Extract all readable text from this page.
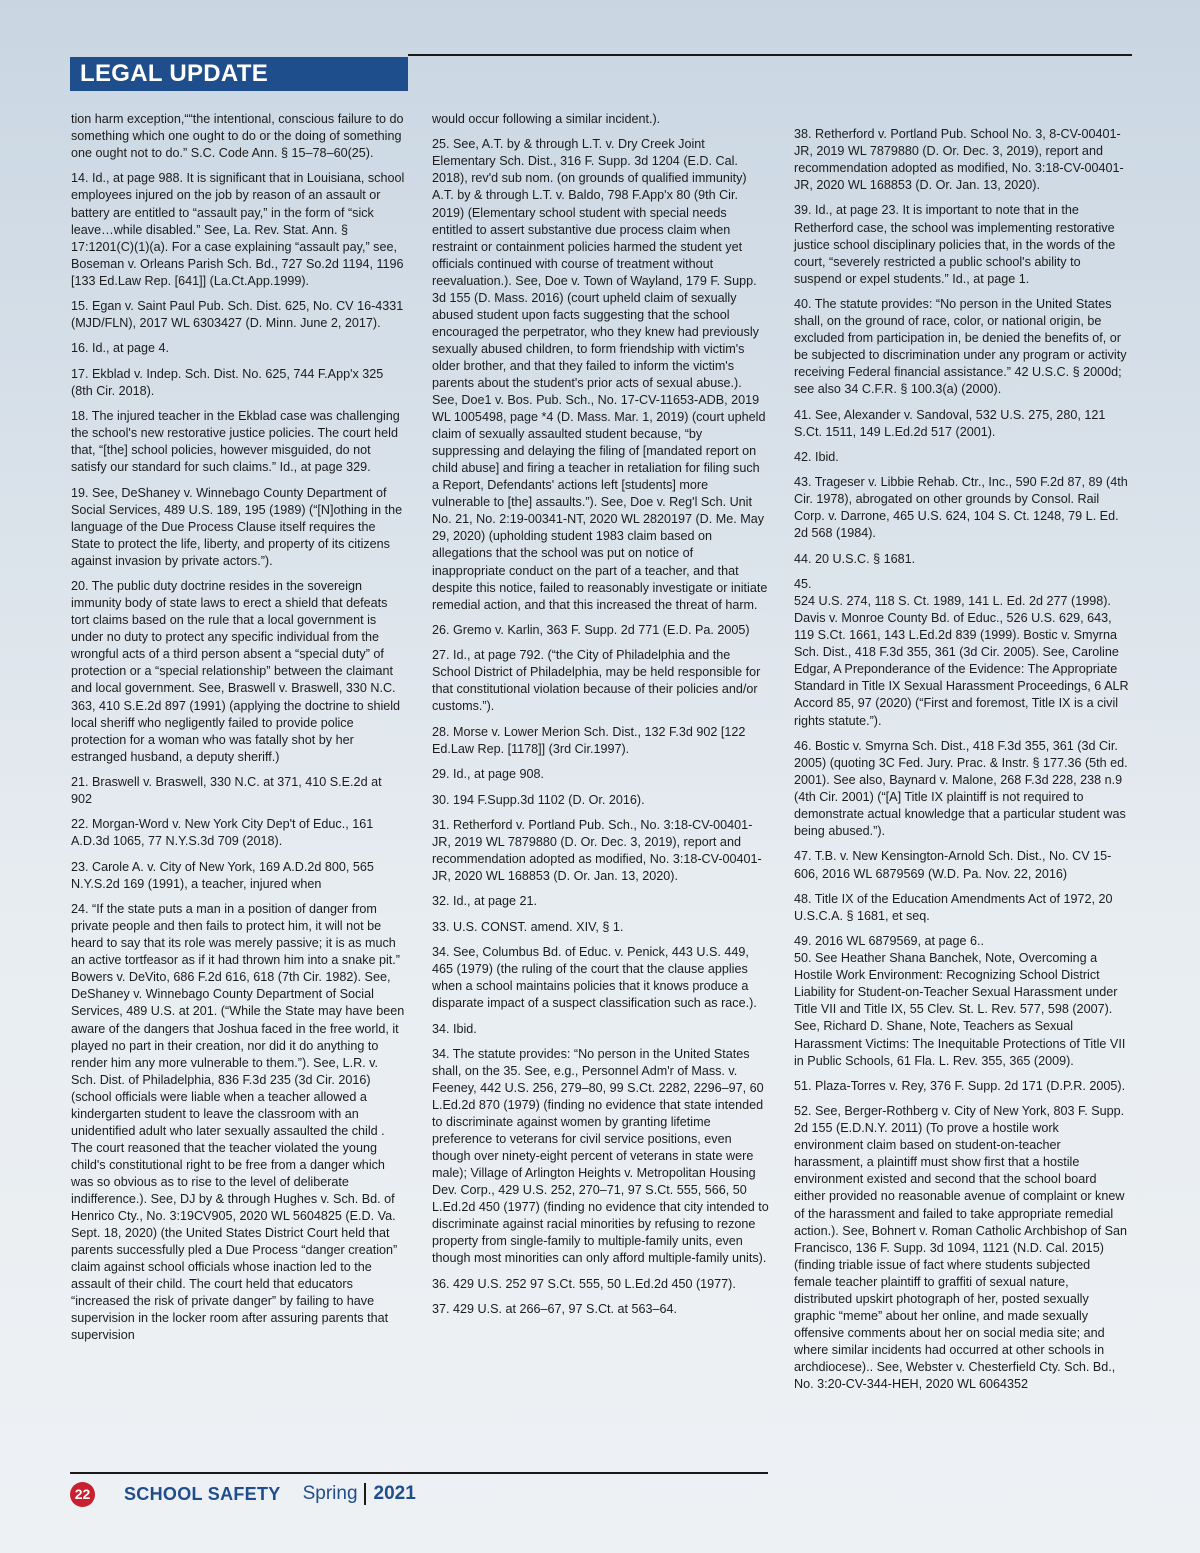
LEGAL UPDATE

tion harm exception,““the intentional, conscious failure to do something which one ought to do or the doing of something one ought not to do.” S.C. Code Ann. § 15–78–60(25).

14. Id., at page 988. It is significant that in Louisiana, school employees injured on the job by reason of an assault or battery are entitled to “assault pay,” in the form of “sick leave…while disabled.” See, La. Rev. Stat. Ann. § 17:1201(C)(1)(a). For a case explaining “assault pay,” see, Boseman v. Orleans Parish Sch. Bd., 727 So.2d 1194, 1196 [133 Ed.Law Rep. [641]] (La.Ct.App.1999).

15. Egan v. Saint Paul Pub. Sch. Dist. 625, No. CV 16-4331 (MJD/FLN), 2017 WL 6303427 (D. Minn. June 2, 2017).

16. Id., at page 4.

17. Ekblad v. Indep. Sch. Dist. No. 625, 744 F.App'x 325 (8th Cir. 2018).

18. The injured teacher in the Ekblad case was challenging the school's new restorative justice policies. The court held that, “[the] school policies, however misguided, do not satisfy our standard for such claims.” Id., at page 329.

19. See, DeShaney v. Winnebago County Department of Social Services, 489 U.S. 189, 195 (1989) (“[N]othing in the language of the Due Process Clause itself requires the State to protect the life, liberty, and property of its citizens against invasion by private actors.”).

20. The public duty doctrine resides in the sovereign immunity body of state laws to erect a shield that defeats tort claims based on the rule that a local government is under no duty to protect any specific individual from the wrongful acts of a third person absent a “special duty” of protection or a “special relationship” between the claimant and local government. See, Braswell v. Braswell, 330 N.C. 363, 410 S.E.2d 897 (1991) (applying the doctrine to shield local sheriff who negligently failed to provide police protection for a woman who was fatally shot by her estranged husband, a deputy sheriff.)

21. Braswell v. Braswell, 330 N.C. at 371, 410 S.E.2d at 902

22. Morgan-Word v. New York City Dep't of Educ., 161 A.D.3d 1065, 77 N.Y.S.3d 709 (2018).

23. Carole A. v. City of New York, 169 A.D.2d 800, 565 N.Y.S.2d 169 (1991), a teacher, injured when

24. “If the state puts a man in a position of danger from private people and then fails to protect him, it will not be heard to say that its role was merely passive; it is as much an active tortfeasor as if it had thrown him into a snake pit.” Bowers v. DeVito, 686 F.2d 616, 618 (7th Cir. 1982). See, DeShaney v. Winnebago County Department of Social Services, 489 U.S. at 201. (“While the State may have been aware of the dangers that Joshua faced in the free world, it played no part in their creation, nor did it do anything to render him any more vulnerable to them.”). See, L.R. v. Sch. Dist. of Philadelphia, 836 F.3d 235 (3d Cir. 2016) (school officials were liable when a teacher allowed a kindergarten student to leave the classroom with an unidentified adult who later sexually assaulted the child . The court reasoned that the teacher violated the young child's constitutional right to be free from a danger which was so obvious as to rise to the level of deliberate indifference.). See, DJ by & through Hughes v. Sch. Bd. of Henrico Cty., No. 3:19CV905, 2020 WL 5604825 (E.D. Va. Sept. 18, 2020) (the United States District Court held that parents successfully pled a Due Process “danger creation” claim against school officials whose inaction led to the assault of their child. The court held that educators “increased the risk of private danger” by failing to have supervision in the locker room after assuring parents that supervision

would occur following a similar incident.).

25. See, A.T. by & through L.T. v. Dry Creek Joint Elementary Sch. Dist., 316 F. Supp. 3d 1204 (E.D. Cal. 2018), rev'd sub nom. (on grounds of qualified immunity) A.T. by & through L.T. v. Baldo, 798 F.App'x 80 (9th Cir. 2019) (Elementary school student with special needs entitled to assert substantive due process claim when restraint or containment policies harmed the student yet officials continued with course of treatment without reevaluation.). See, Doe v. Town of Wayland, 179 F. Supp. 3d 155 (D. Mass. 2016) (court upheld claim of sexually abused student upon facts suggesting that the school encouraged the perpetrator, who they knew had previously sexually abused children, to form friendship with victim's older brother, and that they failed to inform the victim's parents about the student's prior acts of sexual abuse.). See, Doe1 v. Bos. Pub. Sch., No. 17-CV-11653-ADB, 2019 WL 1005498, page *4 (D. Mass. Mar. 1, 2019) (court upheld claim of sexually assaulted student because, “by suppressing and delaying the filing of [mandated report on child abuse] and firing a teacher in retaliation for filing such a Report, Defendants' actions left [students] more vulnerable to [the] assaults.”). See, Doe v. Reg'l Sch. Unit No. 21, No. 2:19-00341-NT, 2020 WL 2820197 (D. Me. May 29, 2020) (upholding student 1983 claim based on allegations that the school was put on notice of inappropriate conduct on the part of a teacher, and that despite this notice, failed to reasonably investigate or initiate remedial action, and that this increased the threat of harm.

26. Gremo v. Karlin, 363 F. Supp. 2d 771 (E.D. Pa. 2005)

27. Id., at page 792. (“the City of Philadelphia and the School District of Philadelphia, may be held responsible for that constitutional violation because of their policies and/or customs.”).

28. Morse v. Lower Merion Sch. Dist., 132 F.3d 902 [122 Ed.Law Rep. [1178]] (3rd Cir.1997).

29. Id., at page 908.

30. 194 F.Supp.3d 1102 (D. Or. 2016).

31. Retherford v. Portland Pub. Sch., No. 3:18-CV-00401-JR, 2019 WL 7879880 (D. Or. Dec. 3, 2019), report and recommendation adopted as modified, No. 3:18-CV-00401-JR, 2020 WL 168853 (D. Or. Jan. 13, 2020).

32. Id., at page 21.

33. U.S. CONST. amend. XIV, § 1.

34. See, Columbus Bd. of Educ. v. Penick, 443 U.S. 449, 465 (1979) (the ruling of the court that the clause applies when a school maintains policies that it knows produce a disparate impact of a suspect classification such as race.).

34. Ibid.

34. The statute provides: “No person in the United States shall, on the 35. See, e.g., Personnel Adm'r of Mass. v. Feeney, 442 U.S. 256, 279–80, 99 S.Ct. 2282, 2296–97, 60 L.Ed.2d 870 (1979) (finding no evidence that state intended to discriminate against women by granting lifetime preference to veterans for civil service positions, even though over ninety-eight percent of veterans in state were male); Village of Arlington Heights v. Metropolitan Housing Dev. Corp., 429 U.S. 252, 270–71, 97 S.Ct. 555, 566, 50 L.Ed.2d 450 (1977) (finding no evidence that city intended to discriminate against racial minorities by refusing to rezone property from single-family to multiple-family units, even though most minorities can only afford multiple-family units).

36. 429 U.S. 252 97 S.Ct. 555, 50 L.Ed.2d 450 (1977).

37. 429 U.S. at 266–67, 97 S.Ct. at 563–64.

38. Retherford v. Portland Pub. School No. 3, 8-CV-00401-JR, 2019 WL 7879880 (D. Or. Dec. 3, 2019), report and recommendation adopted as modified, No. 3:18-CV-00401-JR, 2020 WL 168853 (D. Or. Jan. 13, 2020).

39. Id., at page 23. It is important to note that in the Retherford case, the school was implementing restorative justice school disciplinary policies that, in the words of the court, “severely restricted a public school's ability to suspend or expel students.” Id., at page 1.

40. The statute provides: “No person in the United States shall, on the ground of race, color, or national origin, be excluded from participation in, be denied the benefits of, or be subjected to discrimination under any program or activity receiving Federal financial assistance.” 42 U.S.C. § 2000d; see also 34 C.F.R. § 100.3(a) (2000).

41. See, Alexander v. Sandoval, 532 U.S. 275, 280, 121 S.Ct. 1511, 149 L.Ed.2d 517 (2001).

42. Ibid.

43. Trageser v. Libbie Rehab. Ctr., Inc., 590 F.2d 87, 89 (4th Cir. 1978), abrogated on other grounds by Consol. Rail Corp. v. Darrone, 465 U.S. 624, 104 S. Ct. 1248, 79 L. Ed. 2d 568 (1984).

44. 20 U.S.C. § 1681.

45.
524 U.S. 274, 118 S. Ct. 1989, 141 L. Ed. 2d 277 (1998). Davis v. Monroe County Bd. of Educ., 526 U.S. 629, 643, 119 S.Ct. 1661, 143 L.Ed.2d 839 (1999). Bostic v. Smyrna Sch. Dist., 418 F.3d 355, 361 (3d Cir. 2005). See, Caroline Edgar, A Preponderance of the Evidence: The Appropriate Standard in Title IX Sexual Harassment Proceedings, 6 ALR Accord 85, 97 (2020) (“First and foremost, Title IX is a civil rights statute.”).

46. Bostic v. Smyrna Sch. Dist., 418 F.3d 355, 361 (3d Cir. 2005) (quoting 3C Fed. Jury. Prac. & Instr. § 177.36 (5th ed. 2001). See also, Baynard v. Malone, 268 F.3d 228, 238 n.9 (4th Cir. 2001) (“[A] Title IX plaintiff is not required to demonstrate actual knowledge that a particular student was being abused.”).

47. T.B. v. New Kensington-Arnold Sch. Dist., No. CV 15-606, 2016 WL 6879569 (W.D. Pa. Nov. 22, 2016)

48. Title IX of the Education Amendments Act of 1972, 20 U.S.C.A. § 1681, et seq.

49. 2016 WL 6879569, at page 6..
50. See Heather Shana Banchek, Note, Overcoming a Hostile Work Environment: Recognizing School District Liability for Student-on-Teacher Sexual Harassment under Title VII and Title IX, 55 Clev. St. L. Rev. 577, 598 (2007). See, Richard D. Shane, Note, Teachers as Sexual Harassment Victims: The Inequitable Protections of Title VII in Public Schools, 61 Fla. L. Rev. 355, 365 (2009).

51. Plaza-Torres v. Rey, 376 F. Supp. 2d 171 (D.P.R. 2005).

52. See, Berger-Rothberg v. City of New York, 803 F. Supp. 2d 155 (E.D.N.Y. 2011) (To prove a hostile work environment claim based on student-on-teacher harassment, a plaintiff must show first that a hostile environment existed and second that the school board either provided no reasonable avenue of complaint or knew of the harassment and failed to take appropriate remedial action.). See, Bohnert v. Roman Catholic Archbishop of San Francisco, 136 F. Supp. 3d 1094, 1121 (N.D. Cal. 2015) (finding triable issue of fact where students subjected female teacher plaintiff to graffiti of sexual nature, distributed upskirt photograph of her, posted sexually graphic “meme” about her online, and made sexually offensive comments about her on social media site; and where similar incidents had occurred at other schools in archdiocese).. See, Webster v. Chesterfield Cty. Sch. Bd., No. 3:20-CV-344-HEH, 2020 WL 6064352

22 SCHOOL SAFETY Spring 2021
